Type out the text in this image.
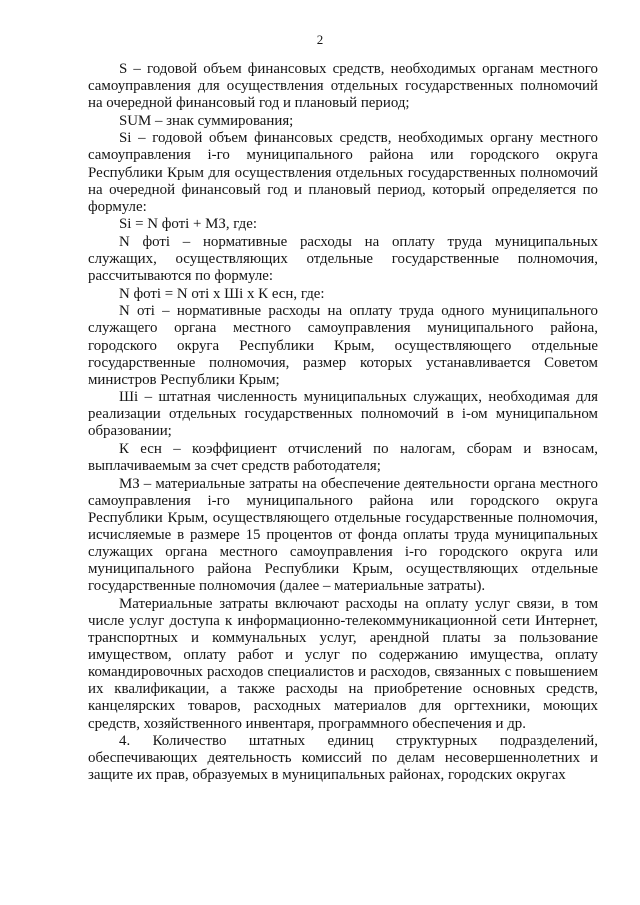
2

S – годовой объем финансовых средств, необходимых органам местного самоуправления для осуществления отдельных государственных полномочий на очередной финансовый год и плановый период;

SUM – знак суммирования;

Si – годовой объем финансовых средств, необходимых органу местного самоуправления i-го муниципального района или городского округа Республики Крым для осуществления отдельных государственных полномочий на очередной финансовый год и плановый период, который определяется по формуле:

Si = N фоті + МЗ, где:

N фоті – нормативные расходы на оплату труда муниципальных служащих, осуществляющих отдельные государственные полномочия, рассчитываются по формуле:

N фоті = N оті х Ші х К есн, где:

N оті – нормативные расходы на оплату труда одного муниципального служащего органа местного самоуправления муниципального района, городского округа Республики Крым, осуществляющего отдельные государственные полномочия, размер которых устанавливается Советом министров Республики Крым;

Ші – штатная численность муниципальных служащих, необходимая для реализации отдельных государственных полномочий в i-ом муниципальном образовании;

К есн – коэффициент отчислений по налогам, сборам и взносам, выплачиваемым за счет средств работодателя;

МЗ – материальные затраты на обеспечение деятельности органа местного самоуправления i-го муниципального района или городского округа Республики Крым, осуществляющего отдельные государственные полномочия, исчисляемые в размере 15 процентов от фонда оплаты труда муниципальных служащих органа местного самоуправления i-го городского округа или муниципального района Республики Крым, осуществляющих отдельные государственные полномочия (далее – материальные затраты).

Материальные затраты включают расходы на оплату услуг связи, в том числе услуг доступа к информационно-телекоммуникационной сети Интернет, транспортных и коммунальных услуг, арендной платы за пользование имуществом, оплату работ и услуг по содержанию имущества, оплату командировочных расходов специалистов и расходов, связанных с повышением их квалификации, а также расходы на приобретение основных средств, канцелярских товаров, расходных материалов для оргтехники, моющих средств, хозяйственного инвентаря, программного обеспечения и др.

4. Количество штатных единиц структурных подразделений, обеспечивающих деятельность комиссий по делам несовершеннолетних и защите их прав, образуемых в муниципальных районах, городских округах
